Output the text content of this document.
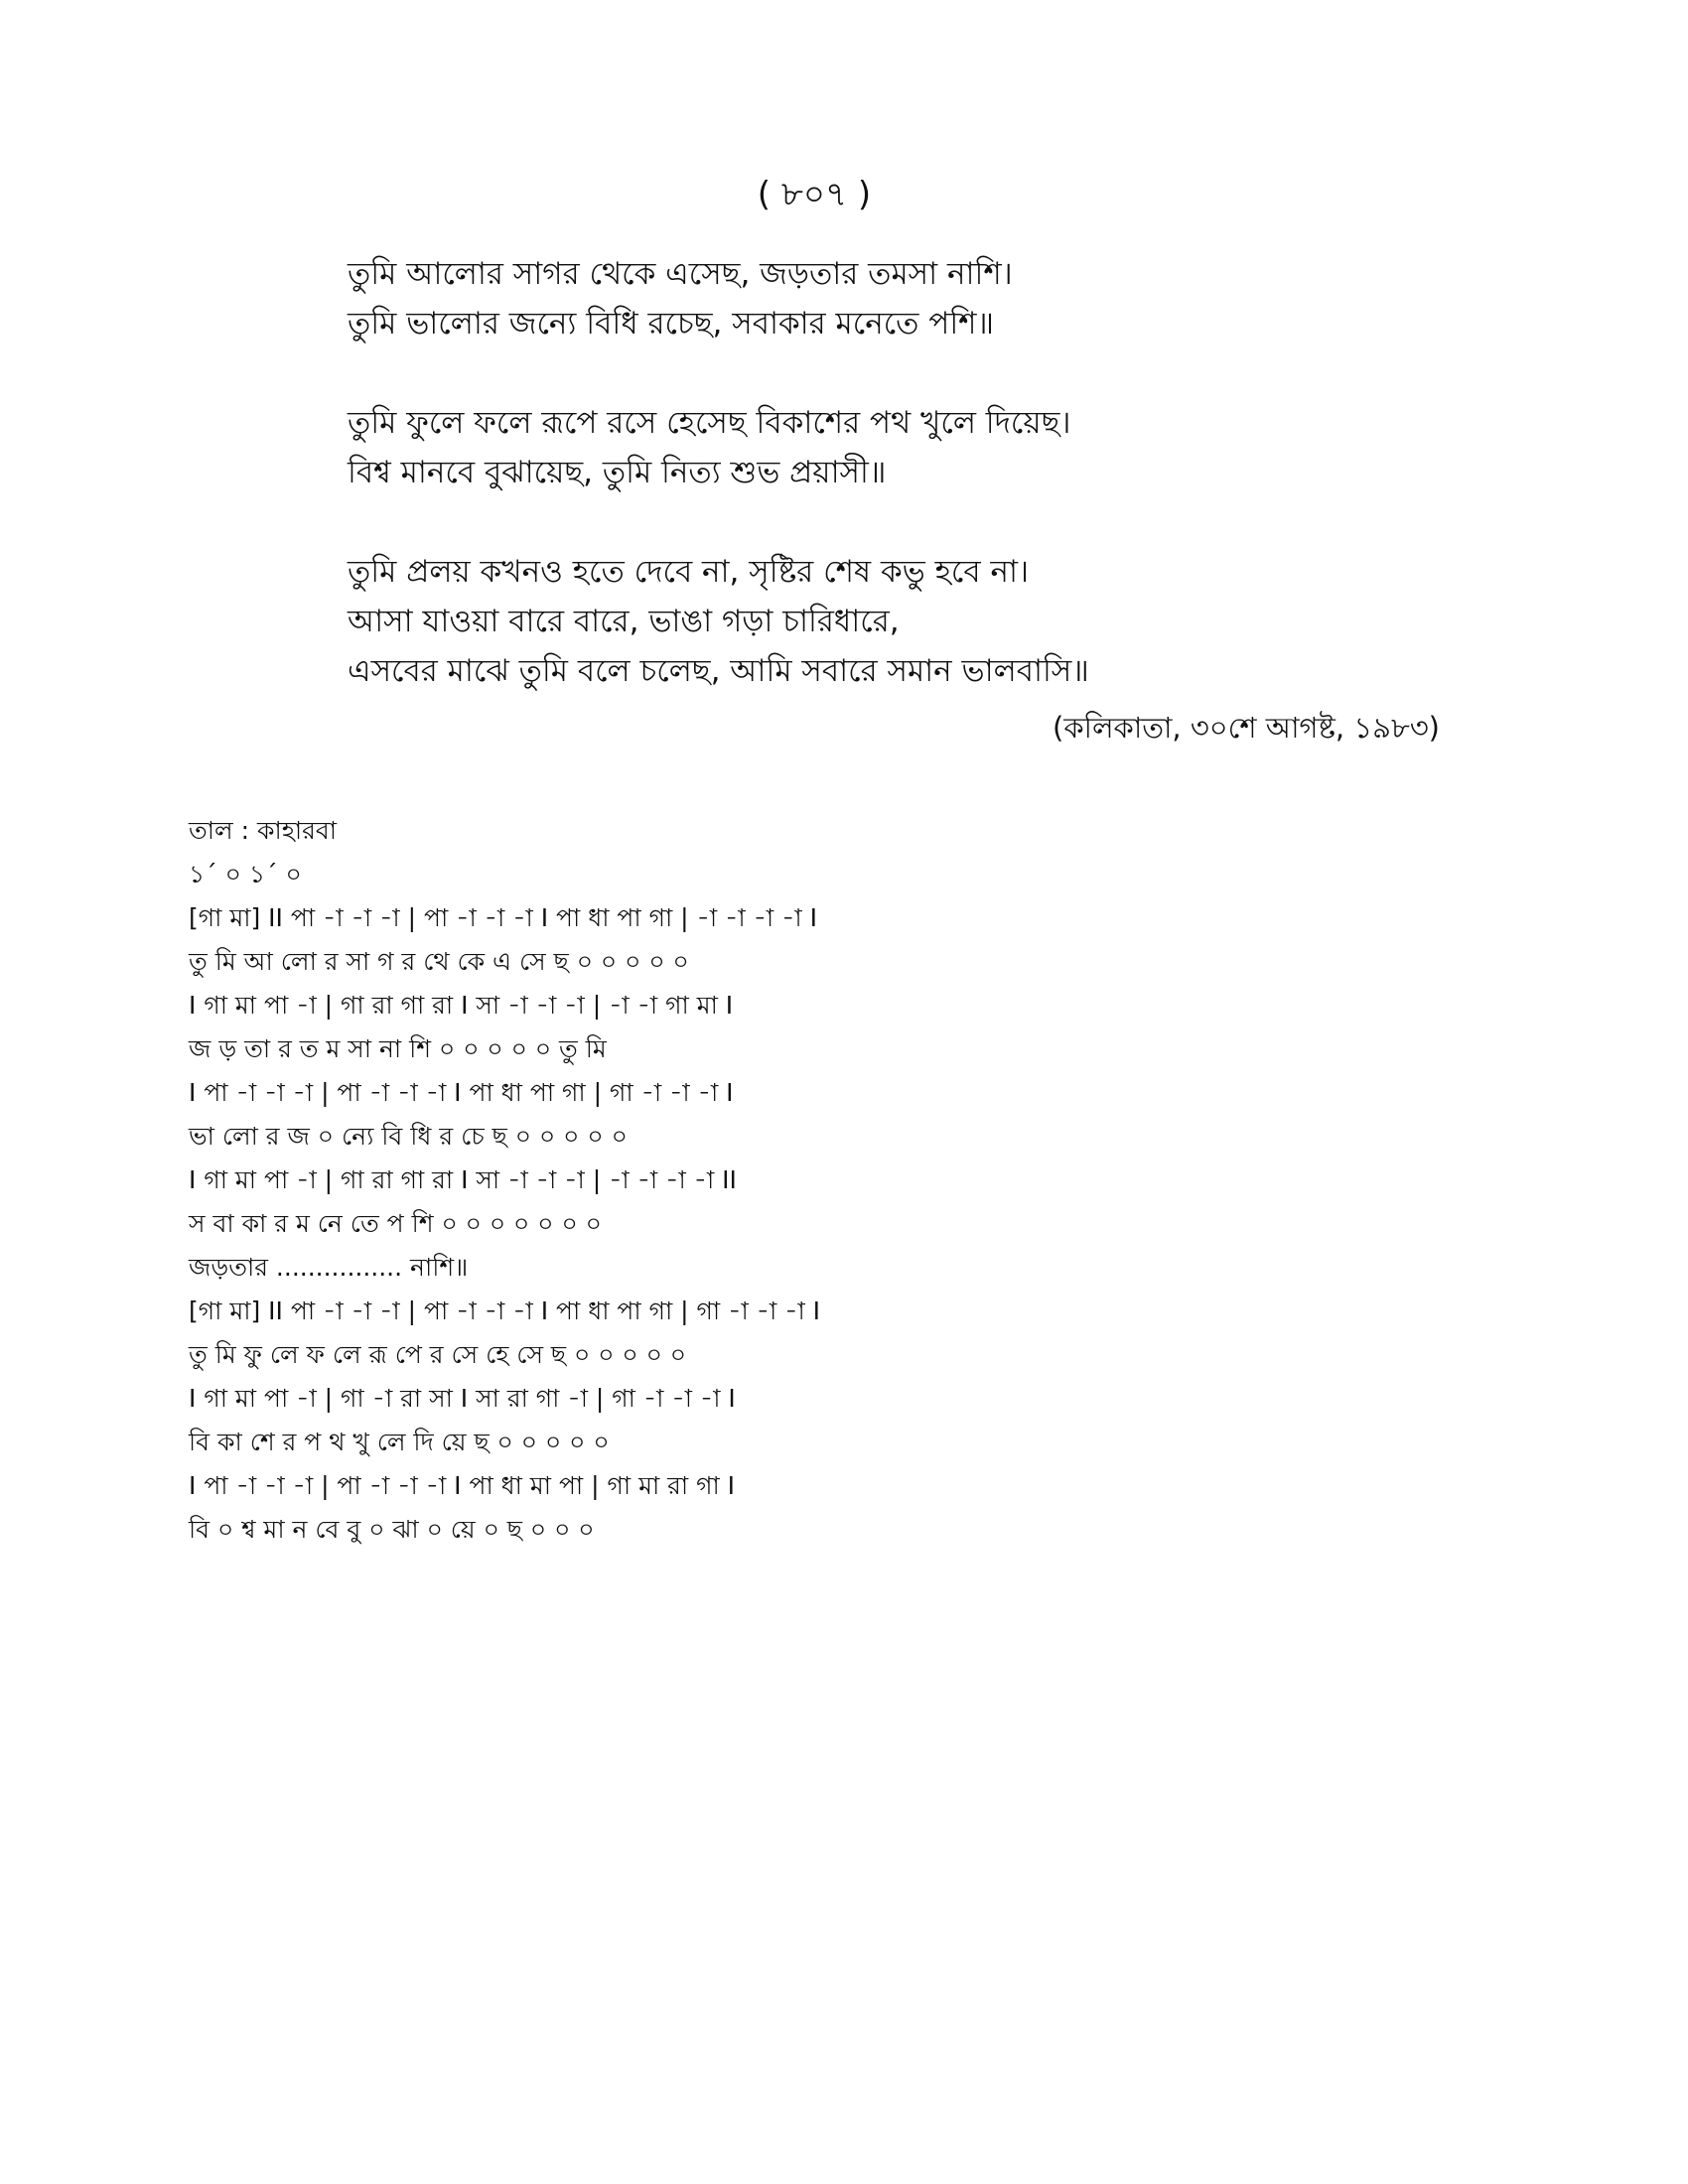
( ৮০৭ )
তুমি আলোর সাগর থেকে এসেছ, জড়তার তমসা নাশি।
তুমি ভালোর জন্যে বিধি রচেছ, সবাকার মনেতে পশি॥

তুমি ফুলে ফলে রূপে রসে হেসেছ বিকাশের পথ খুলে দিয়েছ।
বিশ্ব মানবে বুঝায়েছ, তুমি নিত্য শুভ প্রয়াসী॥

তুমি প্রলয় কখনও হতে দেবে না, সৃষ্টির শেষ কভু হবে না।
আসা যাওয়া বারে বারে, ভাঙা গড়া চারিধারে,
এসবের মাঝে তুমি বলে চলেছ, আমি সবারে সমান ভালবাসি॥
(কলিকাতা, ৩০শে আগষ্ট, ১৯৮৩)
তাল : কাহারবা
১´ ০ ১´ ০
[গা মা] II পা -া -া -া | পা -া -া -া I পা ধা পা গা | -া -া -া -া I
তু মি আ লো র সা গ র থে কে এ সে ছ ০ ০ ০ ০ ০
I গা মা পা -া | গা রা গা রা I সা -া -া -া | -া -া গা মা I
জ ড় তা র ত ম সা না শি ০ ০ ০ ০ ০ তু মি
I পা -া -া -া | পা -া -া -া I পা ধা পা গা | গা -া -া -া I
ভা লো র জ ০ ন্যে বি ধি র চে ছ ০ ০ ০ ০ ০
I গা মা পা -া | গা রা গা রা I সা -া -া -া | -া -া -া -া II
স বা কা র ম নে তে প শি ০ ০ ০ ০ ০ ০ ০
জড়তার ................ নাশি॥
[গা মা] II পা -া -া -া | পা -া -া -া I পা ধা পা গা | গা -া -া -া I
তু মি ফু লে ফ লে রূ পে র সে হে সে ছ ০ ০ ০ ০ ০
I গা মা পা -া | গা -া রা সা I সা রা গা -া | গা -া -া -া I
বি কা শে র প থ খু লে দি য়ে ছ ০ ০ ০ ০ ০
I পা -া -া -া | পা -া -া -া I পা ধা মা পা | গা মা রা গা I
বি ০ শ্ব মা ন বে বু ০ ঝা ০ য়ে ০ ছ ০ ০ ০
